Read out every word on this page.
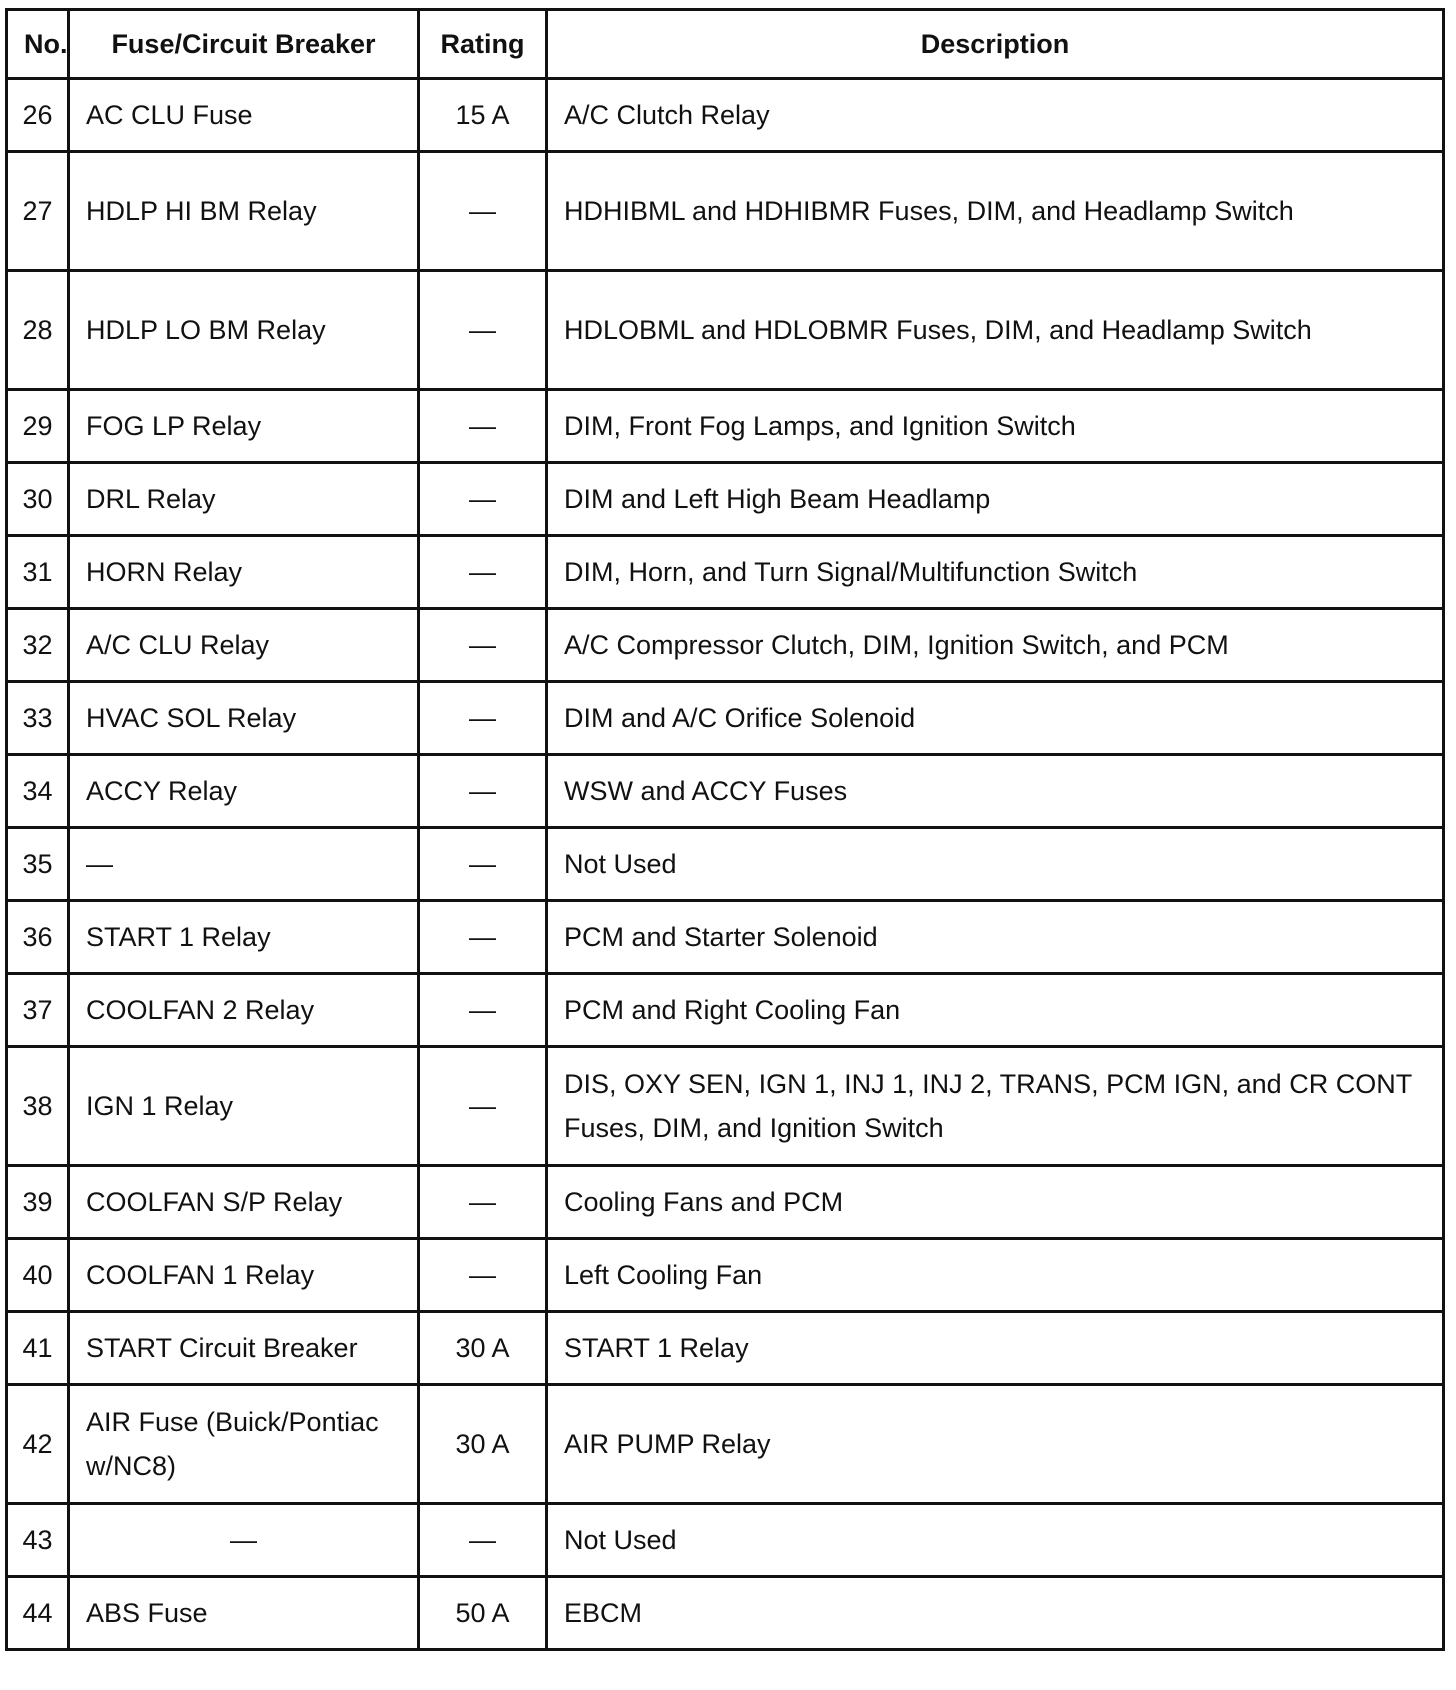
No.	Fuse/Circuit Breaker	Rating	Description
26	AC CLU Fuse	15 A	A/C Clutch Relay
27	HDLP HI BM Relay	—	HDHIBML and HDHIBMR Fuses, DIM, and Headlamp Switch
28	HDLP LO BM Relay	—	HDLOBML and HDLOBMR Fuses, DIM, and Headlamp Switch
29	FOG LP Relay	—	DIM, Front Fog Lamps, and Ignition Switch
30	DRL Relay	—	DIM and Left High Beam Headlamp
31	HORN Relay	—	DIM, Horn, and Turn Signal/Multifunction Switch
32	A/C CLU Relay	—	A/C Compressor Clutch, DIM, Ignition Switch, and PCM
33	HVAC SOL Relay	—	DIM and A/C Orifice Solenoid
34	ACCY Relay	—	WSW and ACCY Fuses
35	—	—	Not Used
36	START 1 Relay	—	PCM and Starter Solenoid
37	COOLFAN 2 Relay	—	PCM and Right Cooling Fan
38	IGN 1 Relay	—	DIS, OXY SEN, IGN 1, INJ 1, INJ 2, TRANS, PCM IGN, and CR CONT Fuses, DIM, and Ignition Switch
39	COOLFAN S/P Relay	—	Cooling Fans and PCM
40	COOLFAN 1 Relay	—	Left Cooling Fan
41	START Circuit Breaker	30 A	START 1 Relay
42	AIR Fuse (Buick/Pontiac w/NC8)	30 A	AIR PUMP Relay
43	—	—	Not Used
44	ABS Fuse	50 A	EBCM
